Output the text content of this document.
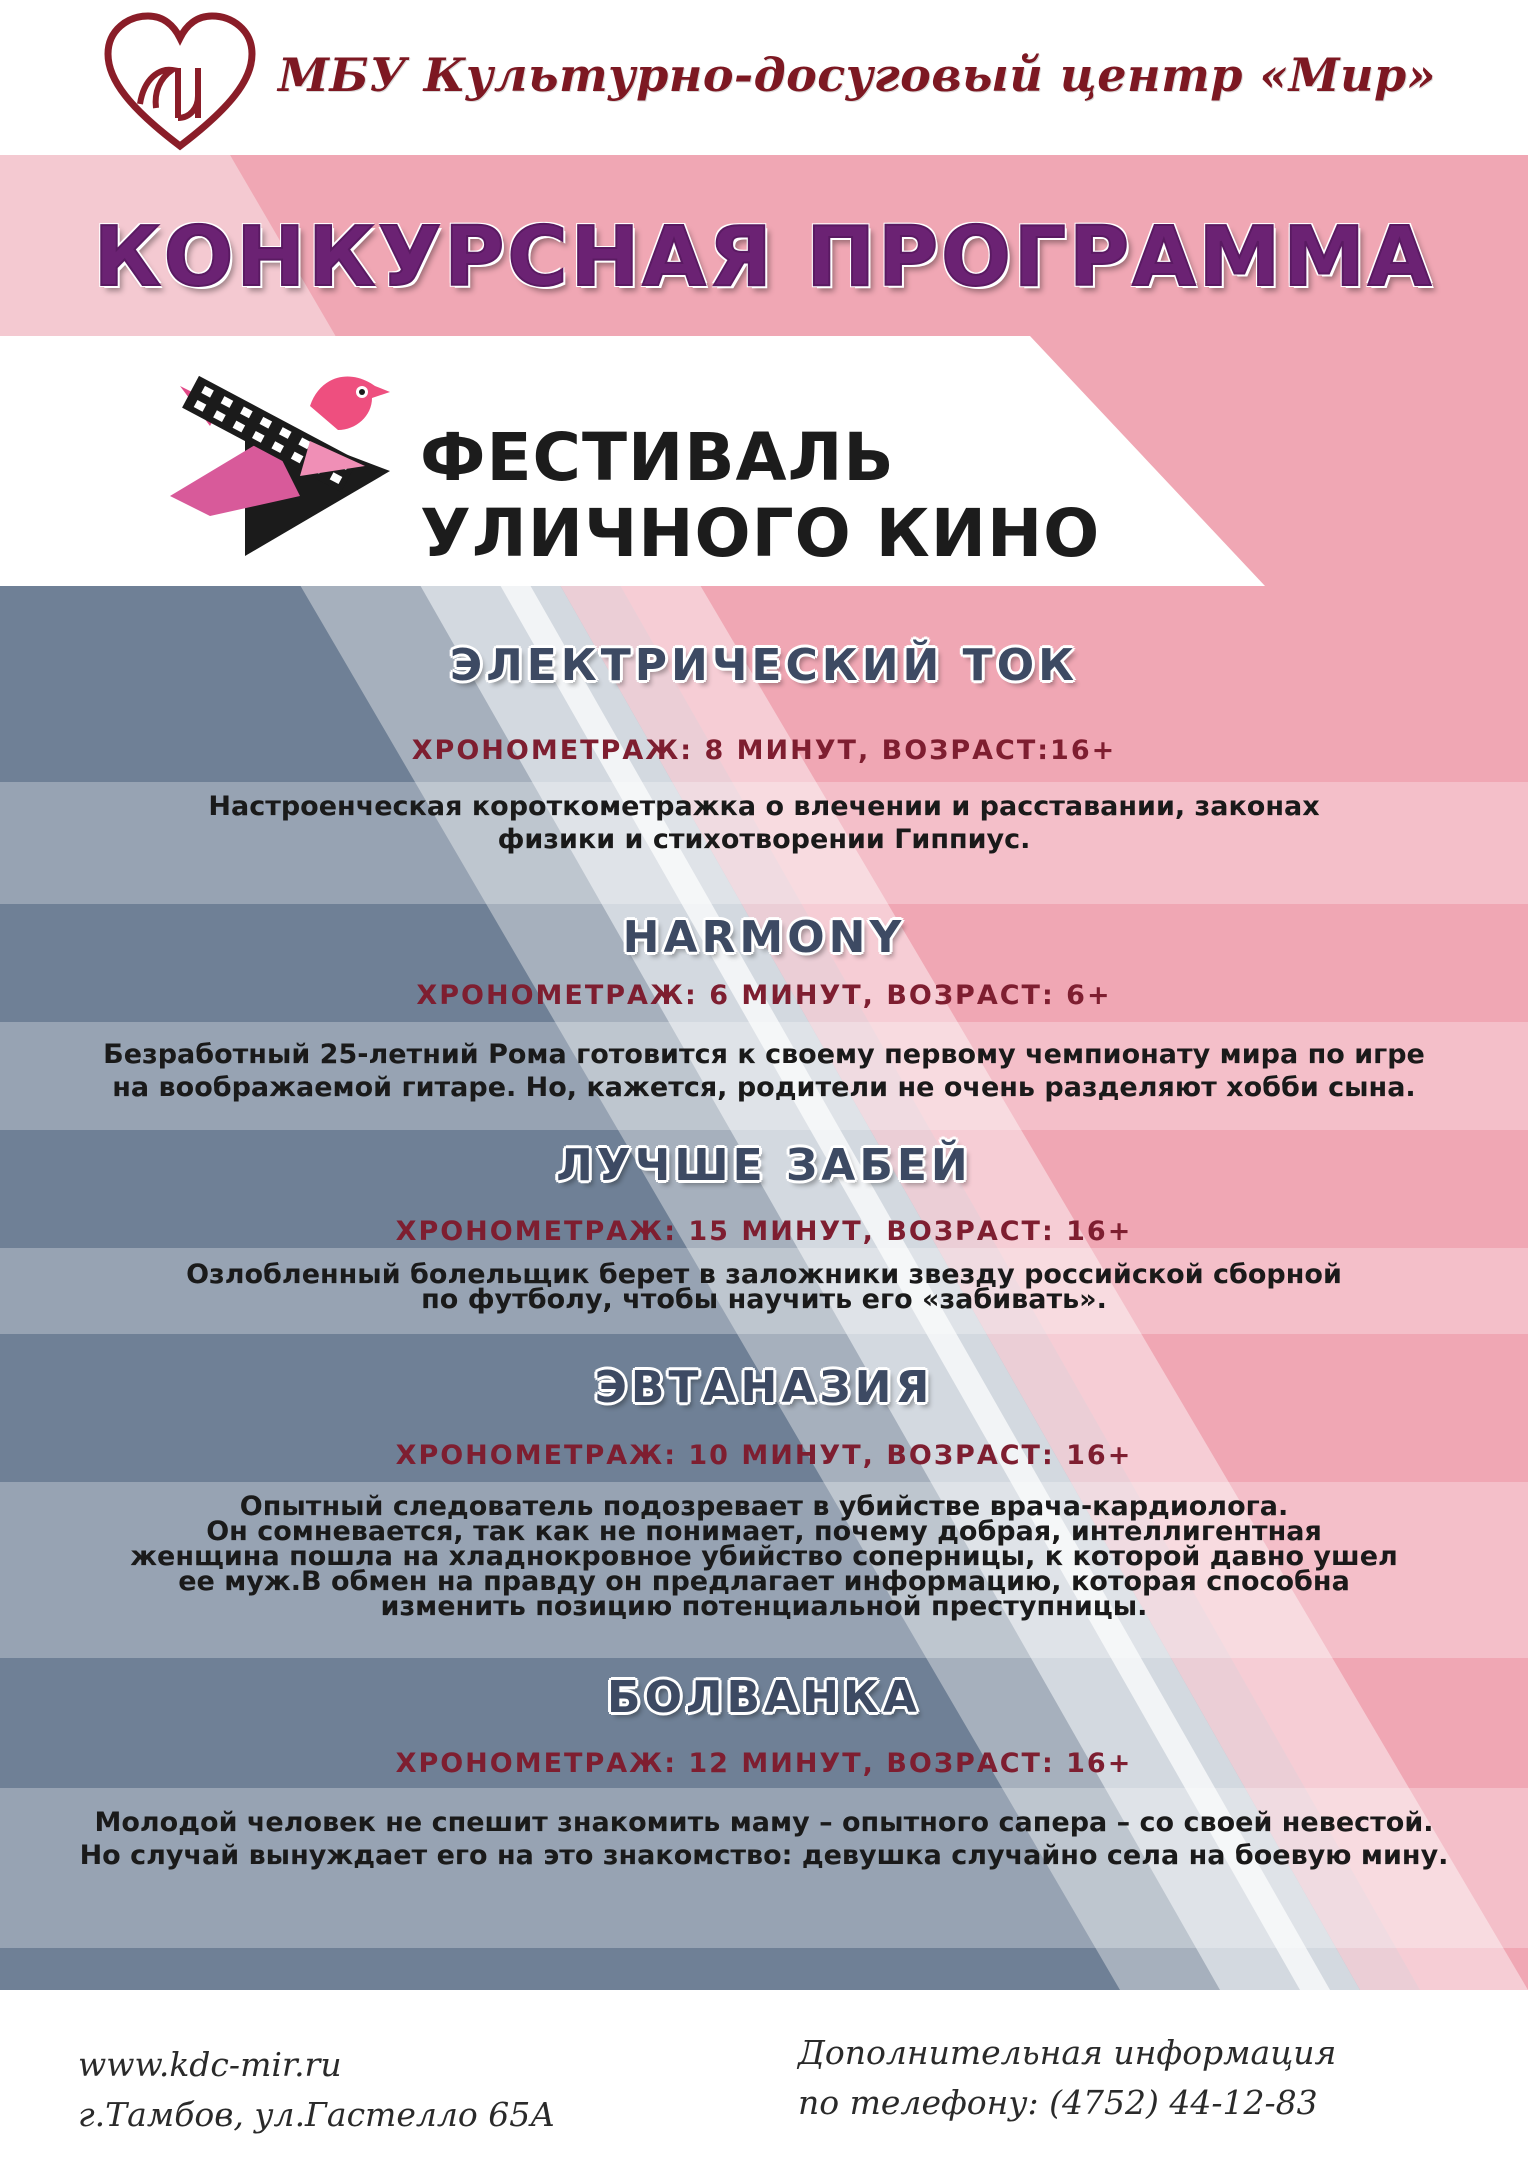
МБУ Культурно-досуговый центр «Мир»
КОНКУРСНАЯ ПРОГРАММА
ФЕСТИВАЛЬ
УЛИЧНОГО КИНО
ЭЛЕКТРИЧЕСКИЙ ТОК
ХРОНОМЕТРАЖ: 8 МИНУТ, ВОЗРАСТ:16+
Настроенческая короткометражка о влечении и расставании, законах
физики и стихотворении Гиппиус.
HARMONY
ХРОНОМЕТРАЖ: 6 МИНУТ, ВОЗРАСТ: 6+
Безработный 25-летний Рома готовится к своему первому чемпионату мира по игре
на воображаемой гитаре. Но, кажется, родители не очень разделяют хобби сына.
ЛУЧШЕ ЗАБЕЙ
ХРОНОМЕТРАЖ: 15 МИНУТ, ВОЗРАСТ: 16+
Озлобленный болельщик берет в заложники звезду российской сборной
по футболу, чтобы научить его «забивать».
ЭВТАНАЗИЯ
ХРОНОМЕТРАЖ: 10 МИНУТ, ВОЗРАСТ: 16+
Опытный следователь подозревает в убийстве врача-кардиолога.
Он сомневается, так как не понимает, почему добрая, интеллигентная
женщина пошла на хладнокровное убийство соперницы, к которой давно ушел
ее муж.В обмен на правду он предлагает информацию, которая способна
изменить позицию потенциальной преступницы.
БОЛВАНКА
ХРОНОМЕТРАЖ: 12 МИНУТ, ВОЗРАСТ: 16+
Молодой человек не спешит знакомить маму – опытного сапера – со своей невестой.
Но случай вынуждает его на это знакомство: девушка случайно села на боевую мину.
www.kdc-mir.ru
г.Тамбов, ул.Гастелло 65А
Дополнительная информация
по телефону: (4752) 44-12-83
